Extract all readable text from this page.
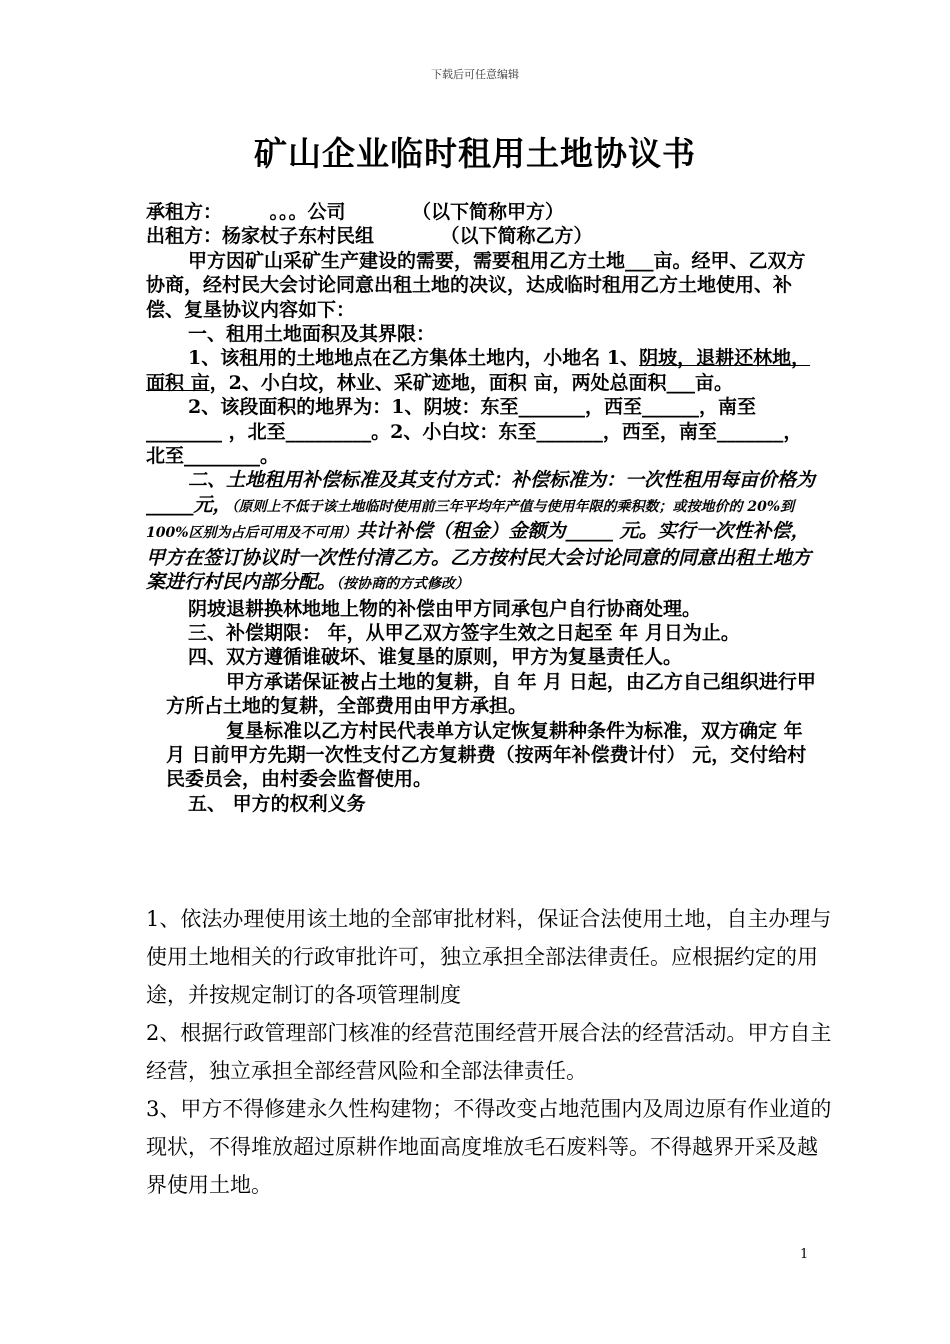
下载后可任意编辑
矿山企业临时租用土地协议书

承租方：　　　。。。公司　　　　（以下简称甲方）

出租方：杨家杖子东村民组　　　　（以下简称乙方）

甲方因矿山采矿生产建设的需要，需要租用乙方土地___亩。经甲、乙双方协商，经村民大会讨论同意出租土地的决议，达成临时租用乙方土地使用、补偿、复垦协议内容如下：

一、租用土地面积及其界限：

1、该租用的土地地点在乙方集体土地内，小地名 1、阴坡，退耕还林地，面积 亩，2、小白坟，林业、采矿迹地，面积 亩，两处总面积___亩。

2、该段面积的地界为：1、阴坡：东至_______，西至______，南至________ ，北至_________。2、小白坟：东至_______，西至，南至_______，北至________。

二、土地租用补偿标准及其支付方式：补偿标准为：一次性租用每亩价格为_____元，（原则上不低于该土地临时使用前三年平均年产值与使用年限的乘积数；或按地价的 20%到100%区别为占后可用及不可用）共计补偿（租金）金额为_____ 元。实行一次性补偿，甲方在签订协议时一次性付清乙方。乙方按村民大会讨论同意的同意出租土地方案进行村民内部分配。（按协商的方式修改）

阴坡退耕换林地地上物的补偿由甲方同承包户自行协商处理。

三、补偿期限： 年，从甲乙双方签字生效之日起至 年 月日为止。

四、双方遵循谁破坏、谁复垦的原则，甲方为复垦责任人。

甲方承诺保证被占土地的复耕，自 年 月 日起，由乙方自己组织进行甲方所占土地的复耕，全部费用由甲方承担。

复垦标准以乙方村民代表单方认定恢复耕种条件为标准，双方确定 年 月 日前甲方先期一次性支付乙方复耕费（按两年补偿费计付） 元，交付给村民委员会，由村委会监督使用。

五、 甲方的权利义务

1、依法办理使用该土地的全部审批材料，保证合法使用土地，自主办理与使用土地相关的行政审批许可，独立承担全部法律责任。应根据约定的用途，并按规定制订的各项管理制度

2、根据行政管理部门核准的经营范围经营开展合法的经营活动。甲方自主经营，独立承担全部经营风险和全部法律责任。

3、甲方不得修建永久性构建物；不得改变占地范围内及周边原有作业道的现状，不得堆放超过原耕作地面高度堆放毛石废料等。不得越界开采及越界使用土地。

1
